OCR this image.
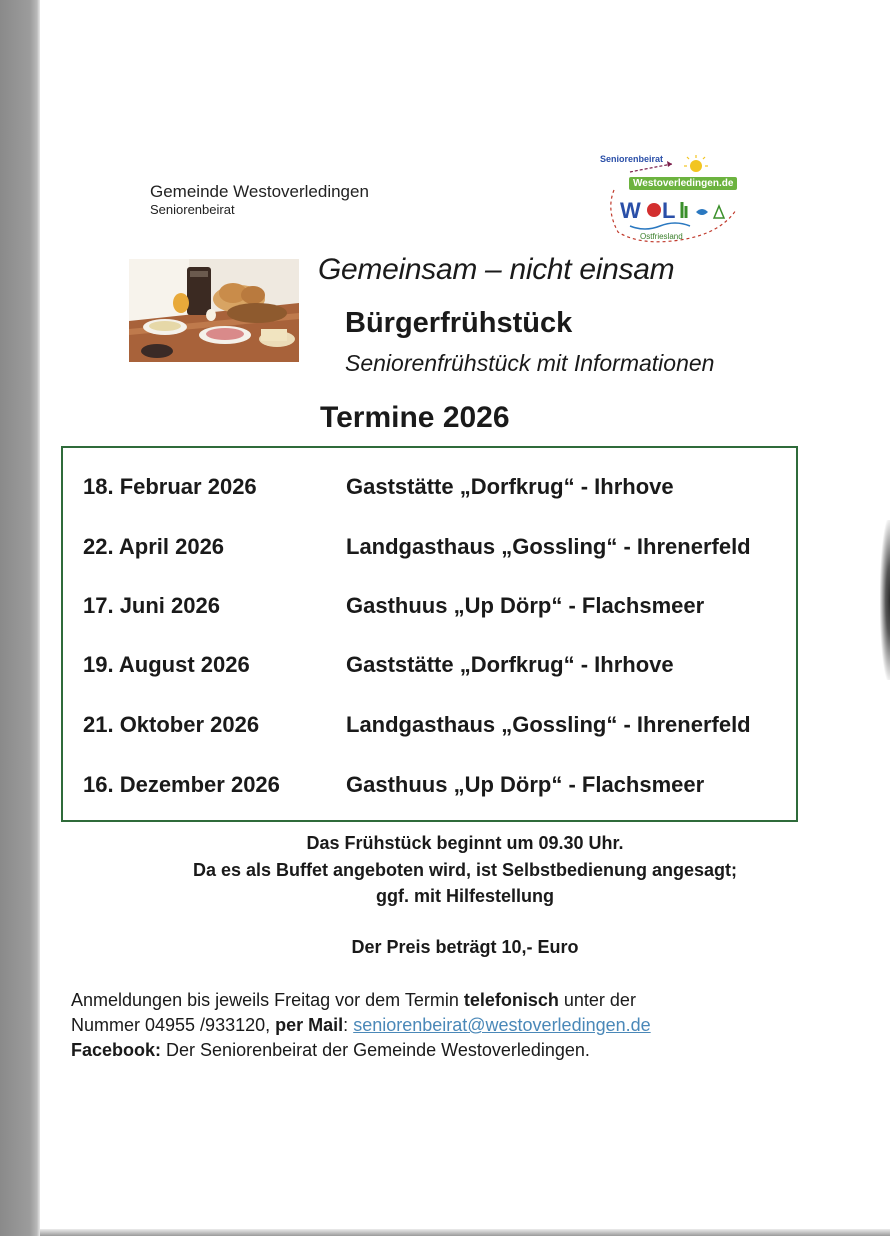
Gemeinde Westoverledingen
Seniorenbeirat	W L
Seniorenbeirat
Westoverledingen.de
Ostfriesland
Gemeinsam – nicht einsam
Bürgerfrühstück
Seniorenfrühstück mit Informationen
Termine 2026
18. Februar 2026	Gaststätte „Dorfkrug“ - Ihrhove
22. April 2026	Landgasthaus „Gossling“ - Ihrenerfeld
17. Juni 2026	Gasthuus „Up Dörp“ - Flachsmeer
19. August 2026	Gaststätte „Dorfkrug“ - Ihrhove
21. Oktober 2026	Landgasthaus „Gossling“ - Ihrenerfeld
16. Dezember 2026	Gasthuus „Up Dörp“ - Flachsmeer
Das Frühstück beginnt um 09.30 Uhr.
Da es als Buffet angeboten wird, ist Selbstbedienung angesagt;
ggf. mit Hilfestellung
Der Preis beträgt 10,- Euro
Anmeldungen bis jeweils Freitag vor dem Termin telefonisch unter der
Nummer 04955 /933120, per Mail: seniorenbeirat@westoverledingen.de
Facebook: Der Seniorenbeirat der Gemeinde Westoverledingen.
